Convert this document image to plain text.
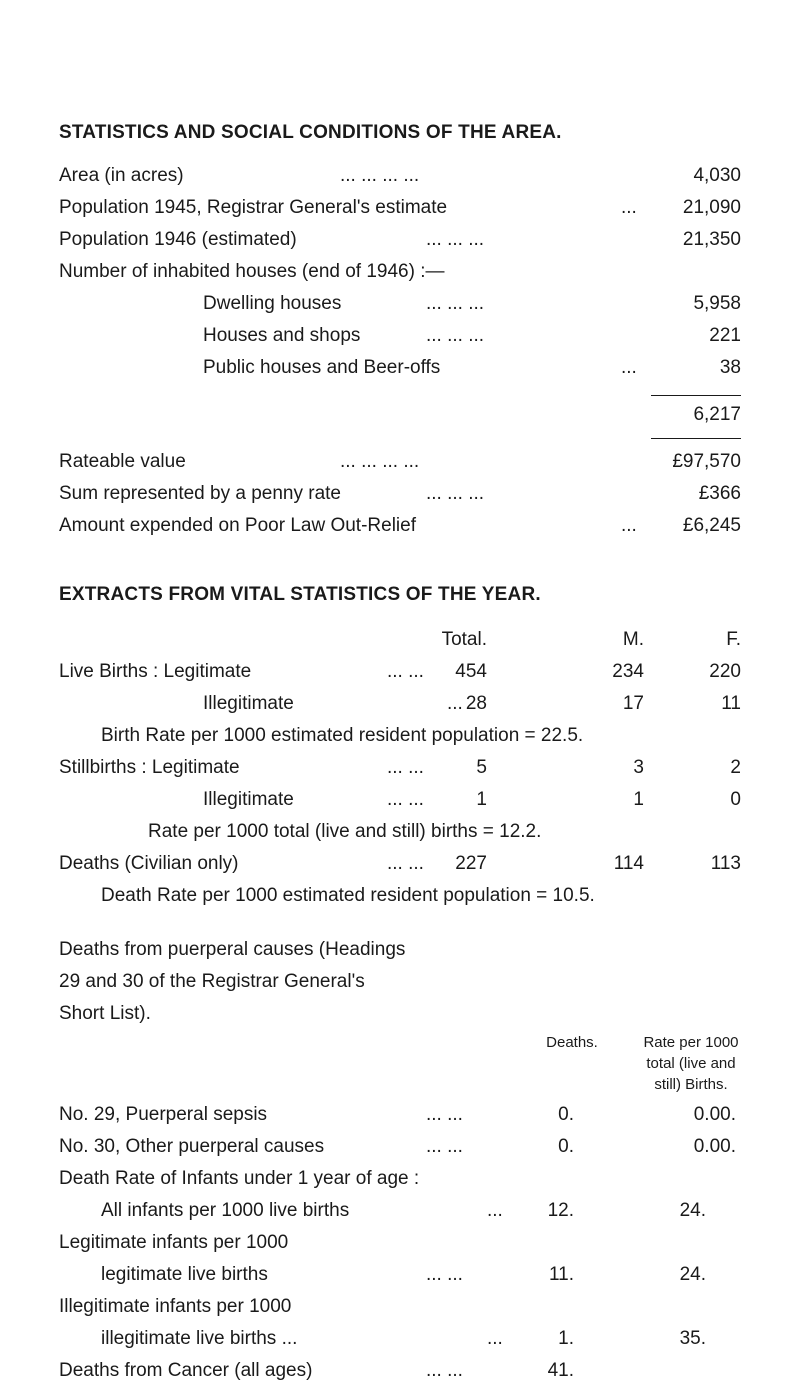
STATISTICS AND SOCIAL CONDITIONS OF THE AREA.
Area (in acres)	... ... ... ...	4,030
Population 1945, Registrar General's estimate	... 21,090
Population 1946 (estimated)	... ... ...	21,350
Number of inhabited houses (end of 1946) :—
Dwelling houses	... ... ...	5,958
Houses and shops	... ... ...	221
Public houses and Beer-offs	...	38
6,217
Rateable value	... ... ... ...	£97,570
Sum represented by a penny rate	... ... ...	£366
Amount expended on Poor Law Out-Relief	... £6,245
EXTRACTS FROM VITAL STATISTICS OF THE YEAR.
Total.	M.	F.
Live Births : Legitimate	... ... 454	234	220
Illegitimate	... 28	17	11
Birth Rate per 1000 estimated resident population = 22.5.
Stillbirths : Legitimate	... ...	5	3	2
Illegitimate	... ...	1	1	0
Rate per 1000 total (live and still) births = 12.2.
Deaths (Civilian only)	... ... 227	114	113
Death Rate per 1000 estimated resident population = 10.5.
Deaths from puerperal causes (Headings
29 and 30 of the Registrar General's
Short List).
Deaths.	Rate per 1000
total (live and
still) Births.
No. 29, Puerperal sepsis	... ...	0.	0.00.
No. 30, Other puerperal causes	... ...	0.	0.00.
Death Rate of Infants under 1 year of age :
All infants per 1000 live births	... 12.	24.
Legitimate infants per 1000
legitimate live births	... ...	11.	24.
Illegitimate infants per 1000
illegitimate live births ...	...	1.	35.
Deaths from Cancer (all ages)	... ...	41.
